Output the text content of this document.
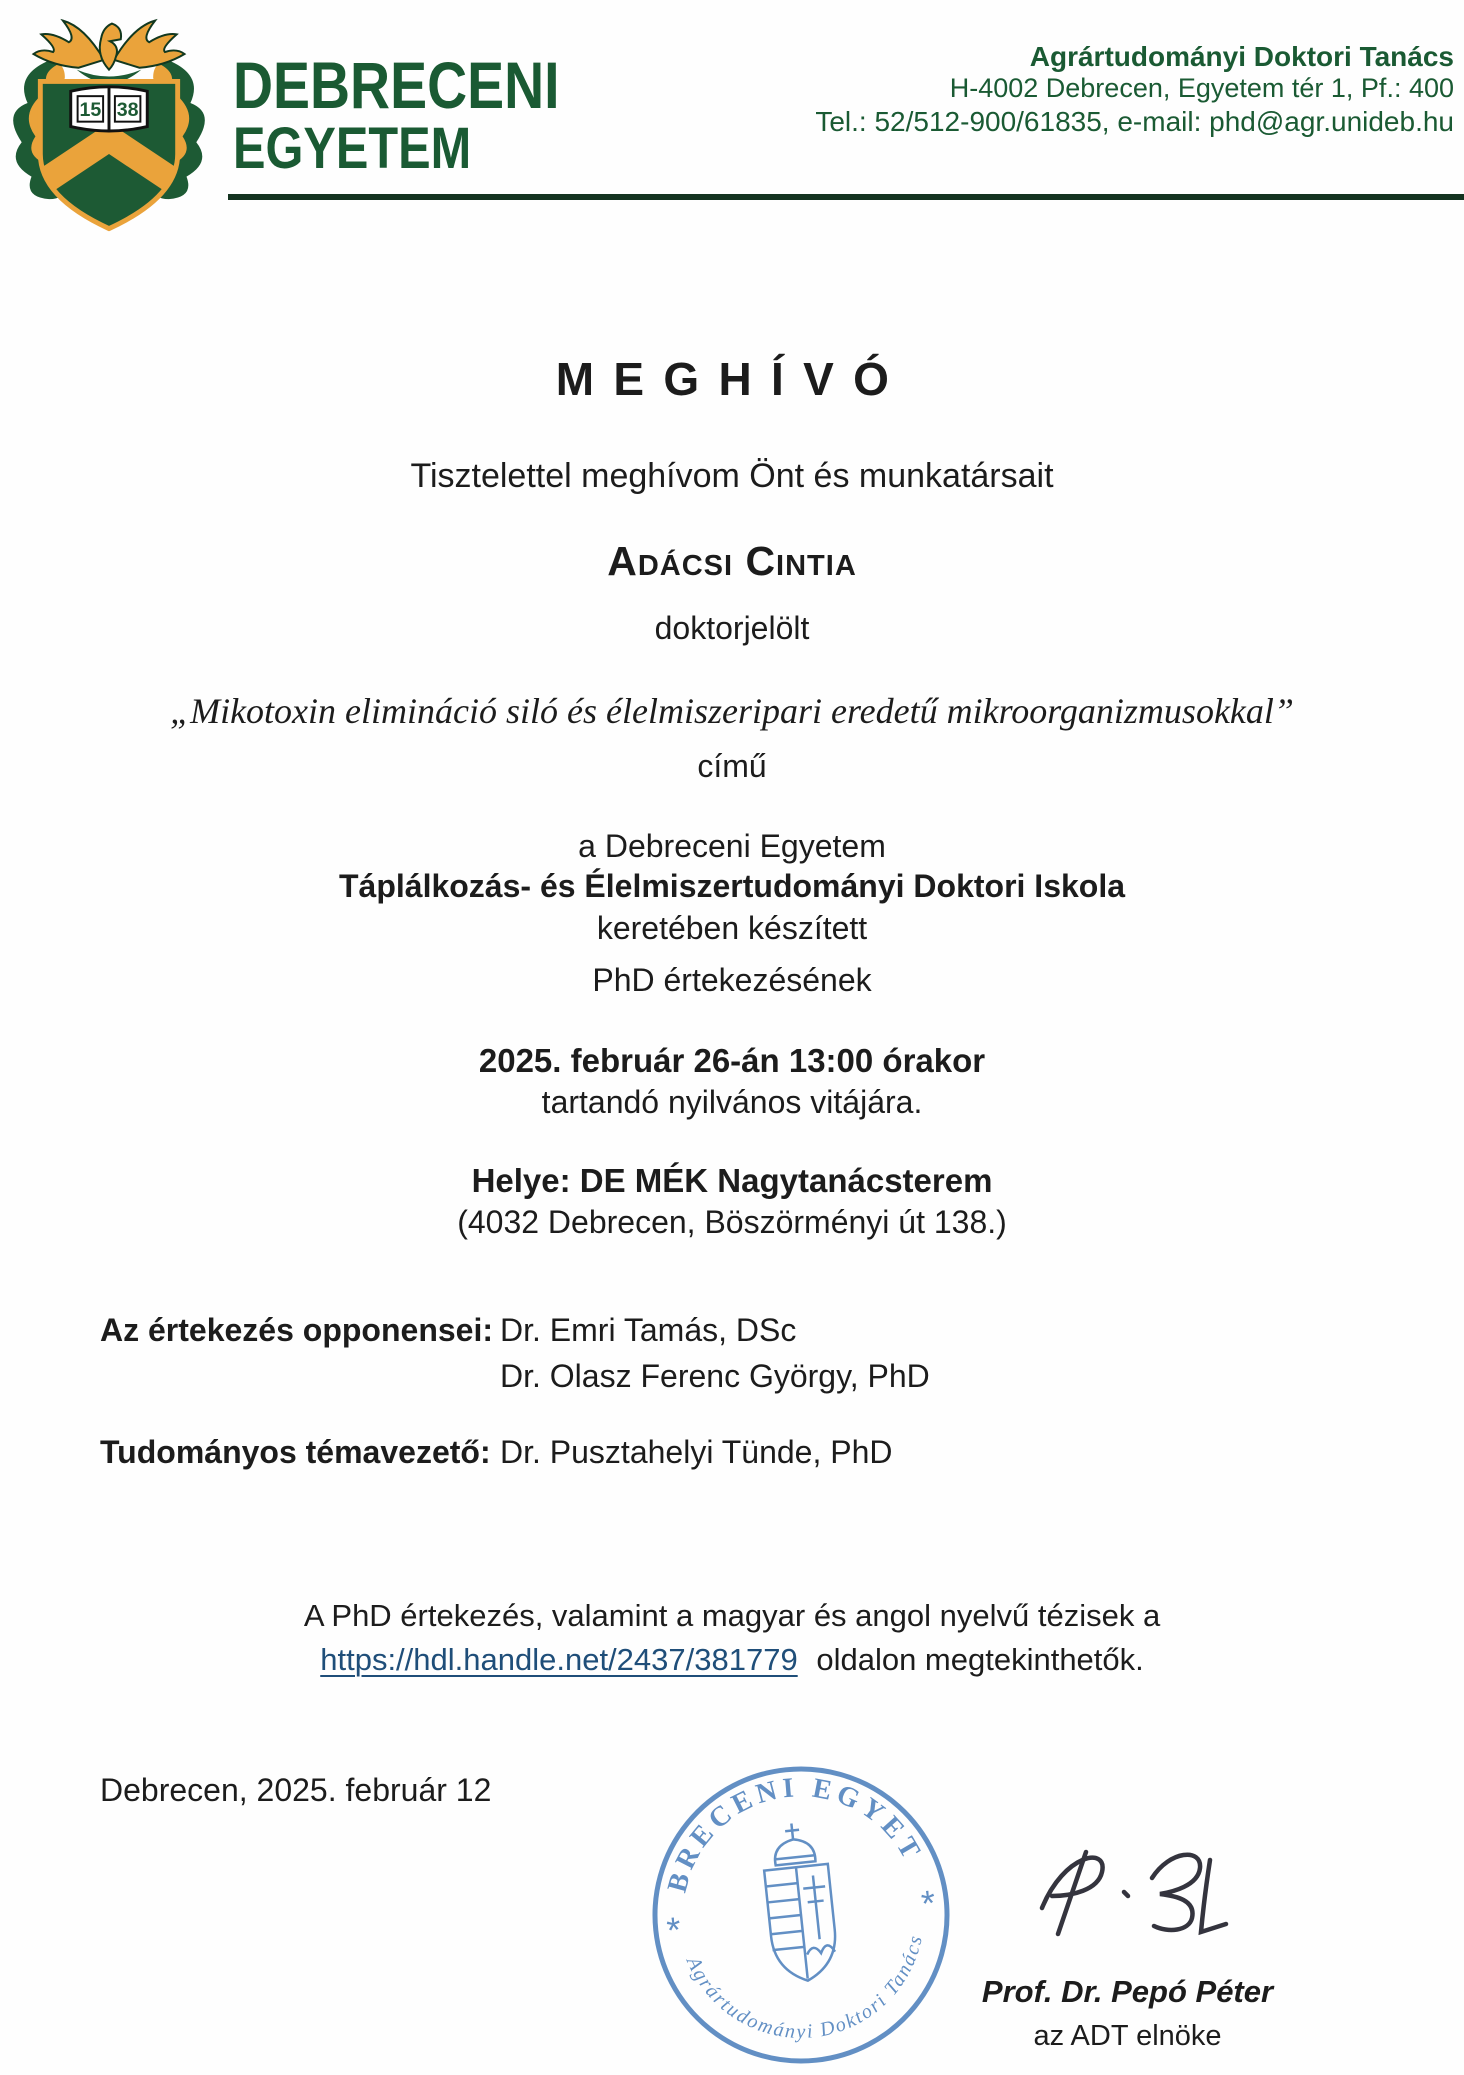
15 38 DEBRECENI
EGYETEM
Agrártudományi Doktori Tanács
H-4002 Debrecen, Egyetem tér 1, Pf.: 400
Tel.: 52/512-900/61835, e-mail: phd@agr.unideb.hu
MEGHÍVÓ
Tisztelettel meghívom Önt és munkatársait
Adácsi Cintia
doktorjelölt
„Mikotoxin elimináció siló és élelmiszeripari eredetű mikroorganizmusokkal”
című
a Debreceni Egyetem
Táplálkozás- és Élelmiszertudományi Doktori Iskola
keretében készített
PhD értekezésének
2025. február 26-án 13:00 órakor
tartandó nyilvános vitájára.
Helye: DE MÉK Nagytanácsterem
(4032 Debrecen, Böszörményi út 138.)
Az értekezés opponensei: Dr. Emri Tamás, DSc
Dr. Olasz Ferenc György, PhD
Tudományos témavezető: Dr. Pusztahelyi Tünde, PhD
A PhD értekezés, valamint a magyar és angol nyelvű tézisek a
https://hdl.handle.net/2437/381779 oldalon megtekinthetők.
Debrecen, 2025. február 12
DEBRECENI EGYETEM
Agrártudományi Doktori Tanács
*
*
Prof. Dr. Pepó Péter
az ADT elnöke
